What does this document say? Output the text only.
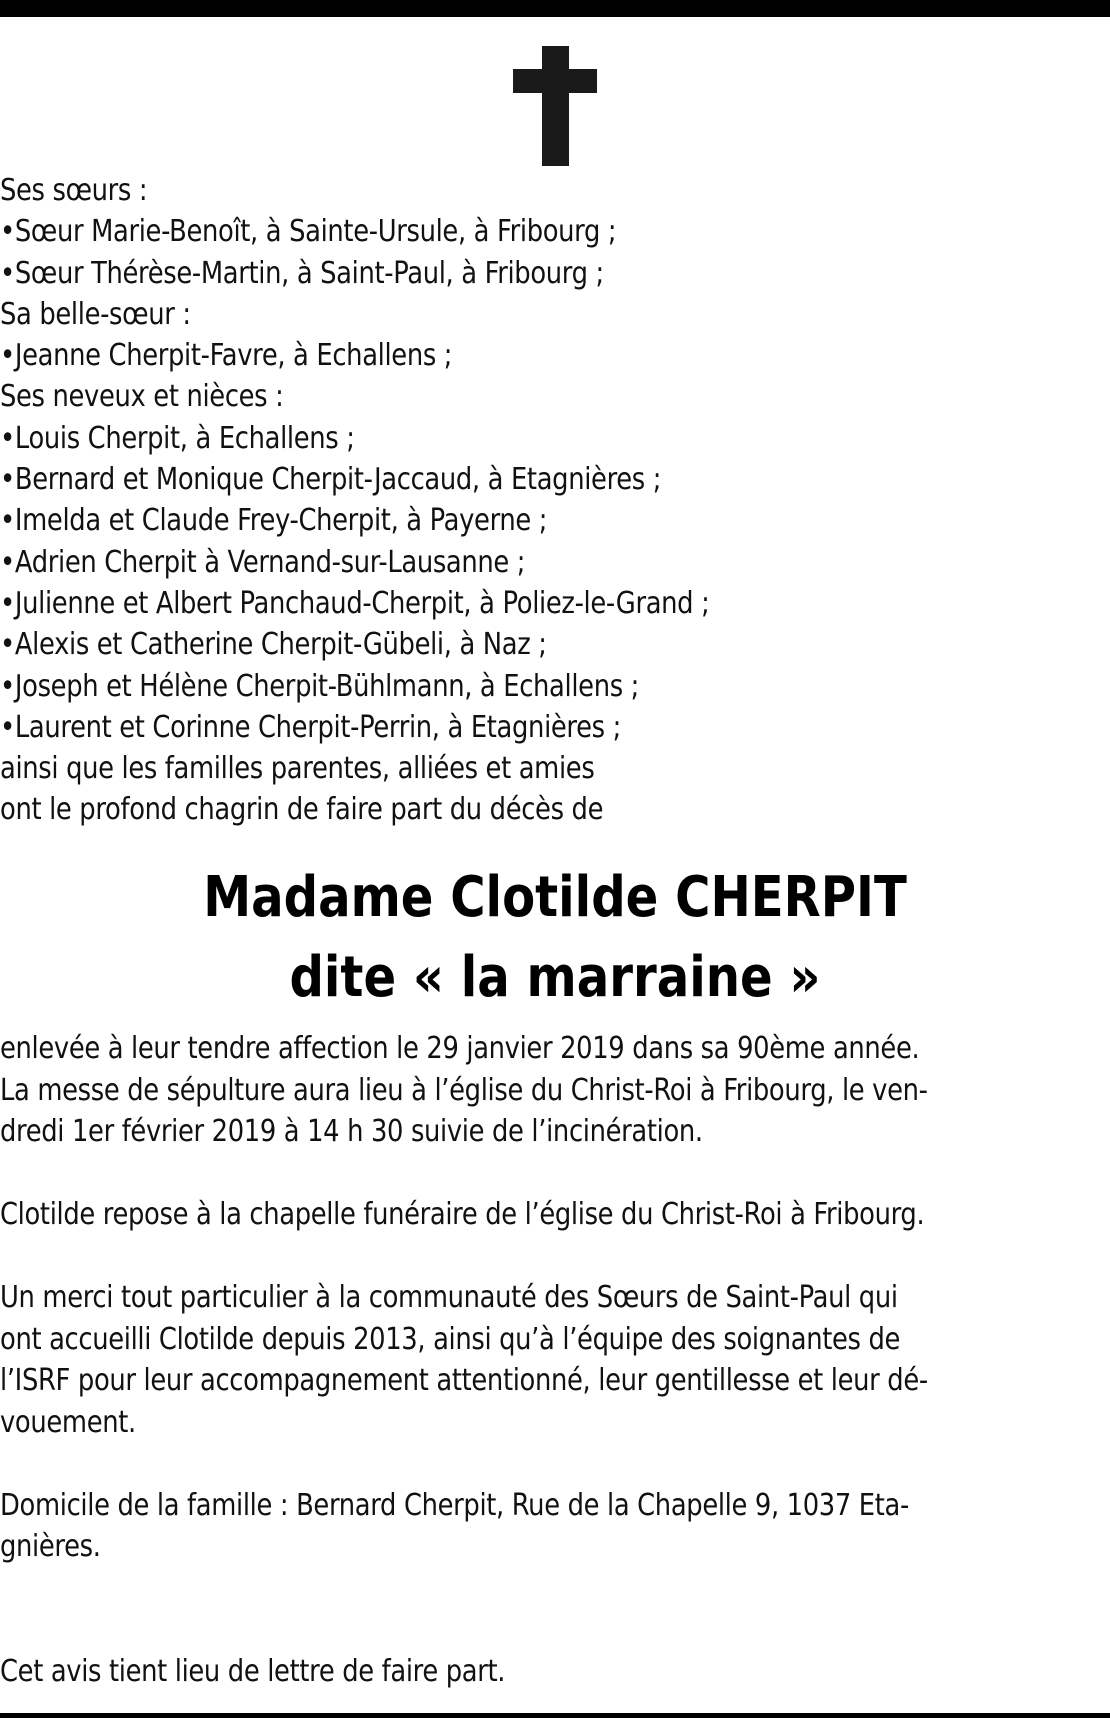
Ses sœurs :
•Sœur Marie-Benoît, à Sainte-Ursule, à Fribourg ;
•Sœur Thérèse-Martin, à Saint-Paul, à Fribourg ;
Sa belle-sœur :
•Jeanne Cherpit-Favre, à Echallens ;
Ses neveux et nièces :
•Louis Cherpit, à Echallens ;
•Bernard et Monique Cherpit-Jaccaud, à Etagnières ;
•Imelda et Claude Frey-Cherpit, à Payerne ;
•Adrien Cherpit à Vernand-sur-Lausanne ;
•Julienne et Albert Panchaud-Cherpit, à Poliez-le-Grand ;
•Alexis et Catherine Cherpit-Gübeli, à Naz ;
•Joseph et Hélène Cherpit-Bühlmann, à Echallens ;
•Laurent et Corinne Cherpit-Perrin, à Etagnières ;
ainsi que les familles parentes, alliées et amies
ont le profond chagrin de faire part du décès de
Madame Clotilde CHERPIT
dite « la marraine »
enlevée à leur tendre affection le 29 janvier 2019 dans sa 90ème année.
La messe de sépulture aura lieu à l’église du Christ-Roi à Fribourg, le ven-
dredi 1er février 2019 à 14 h 30 suivie de l’incinération.
Clotilde repose à la chapelle funéraire de l’église du Christ-Roi à Fribourg.
Un merci tout particulier à la communauté des Sœurs de Saint-Paul qui
ont accueilli Clotilde depuis 2013, ainsi qu’à l’équipe des soignantes de
l’ISRF pour leur accompagnement attentionné, leur gentillesse et leur dé-
vouement.
Domicile de la famille : Bernard Cherpit, Rue de la Chapelle 9, 1037 Eta-
gnières.
Cet avis tient lieu de lettre de faire part.
